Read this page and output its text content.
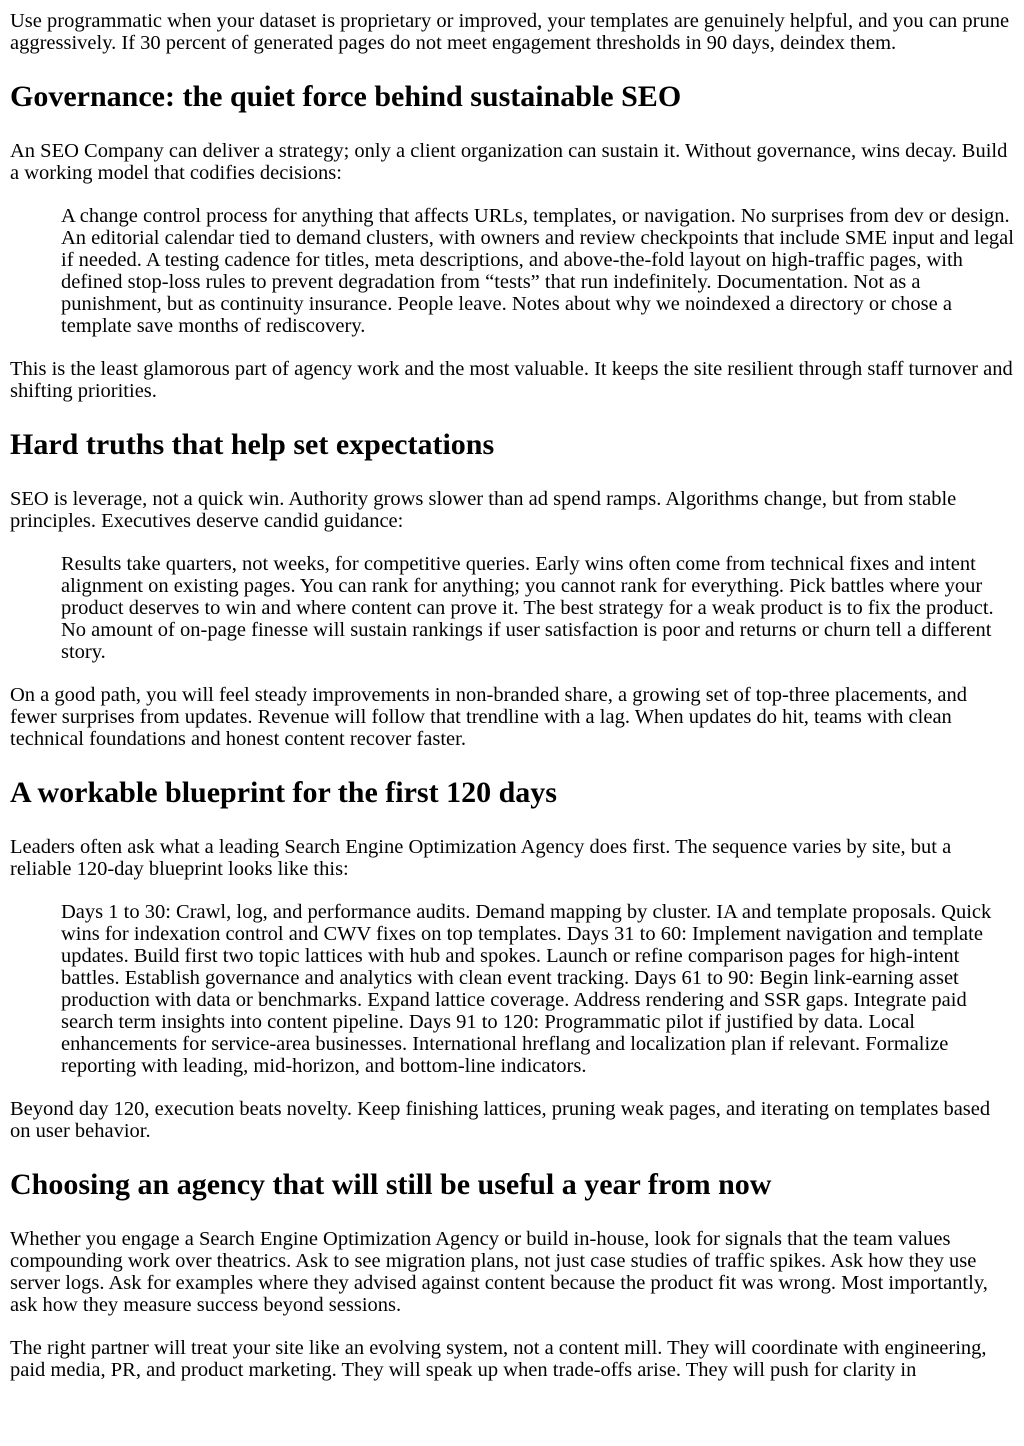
Use programmatic when your dataset is proprietary or improved, your templates are genuinely helpful, and you can prune aggressively. If 30 percent of generated pages do not meet engagement thresholds in 90 days, deindex them.

Governance: the quiet force behind sustainable SEO

An SEO Company can deliver a strategy; only a client organization can sustain it. Without governance, wins decay. Build a working model that codifies decisions:

A change control process for anything that affects URLs, templates, or navigation. No surprises from dev or design. An editorial calendar tied to demand clusters, with owners and review checkpoints that include SME input and legal if needed. A testing cadence for titles, meta descriptions, and above-the-fold layout on high-traffic pages, with defined stop-loss rules to prevent degradation from “tests” that run indefinitely. Documentation. Not as a punishment, but as continuity insurance. People leave. Notes about why we noindexed a directory or chose a template save months of rediscovery.

This is the least glamorous part of agency work and the most valuable. It keeps the site resilient through staff turnover and shifting priorities.

Hard truths that help set expectations

SEO is leverage, not a quick win. Authority grows slower than ad spend ramps. Algorithms change, but from stable principles. Executives deserve candid guidance:

Results take quarters, not weeks, for competitive queries. Early wins often come from technical fixes and intent alignment on existing pages. You can rank for anything; you cannot rank for everything. Pick battles where your product deserves to win and where content can prove it. The best strategy for a weak product is to fix the product. No amount of on-page finesse will sustain rankings if user satisfaction is poor and returns or churn tell a different story.

On a good path, you will feel steady improvements in non-branded share, a growing set of top-three placements, and fewer surprises from updates. Revenue will follow that trendline with a lag. When updates do hit, teams with clean technical foundations and honest content recover faster.

A workable blueprint for the first 120 days

Leaders often ask what a leading Search Engine Optimization Agency does first. The sequence varies by site, but a reliable 120-day blueprint looks like this:

Days 1 to 30: Crawl, log, and performance audits. Demand mapping by cluster. IA and template proposals. Quick wins for indexation control and CWV fixes on top templates. Days 31 to 60: Implement navigation and template updates. Build first two topic lattices with hub and spokes. Launch or refine comparison pages for high-intent battles. Establish governance and analytics with clean event tracking. Days 61 to 90: Begin link-earning asset production with data or benchmarks. Expand lattice coverage. Address rendering and SSR gaps. Integrate paid search term insights into content pipeline. Days 91 to 120: Programmatic pilot if justified by data. Local enhancements for service-area businesses. International hreflang and localization plan if relevant. Formalize reporting with leading, mid-horizon, and bottom-line indicators.

Beyond day 120, execution beats novelty. Keep finishing lattices, pruning weak pages, and iterating on templates based on user behavior.

Choosing an agency that will still be useful a year from now

Whether you engage a Search Engine Optimization Agency or build in-house, look for signals that the team values compounding work over theatrics. Ask to see migration plans, not just case studies of traffic spikes. Ask how they use server logs. Ask for examples where they advised against content because the product fit was wrong. Most importantly, ask how they measure success beyond sessions.

The right partner will treat your site like an evolving system, not a content mill. They will coordinate with engineering, paid media, PR, and product marketing. They will speak up when trade-offs arise. They will push for clarity in
